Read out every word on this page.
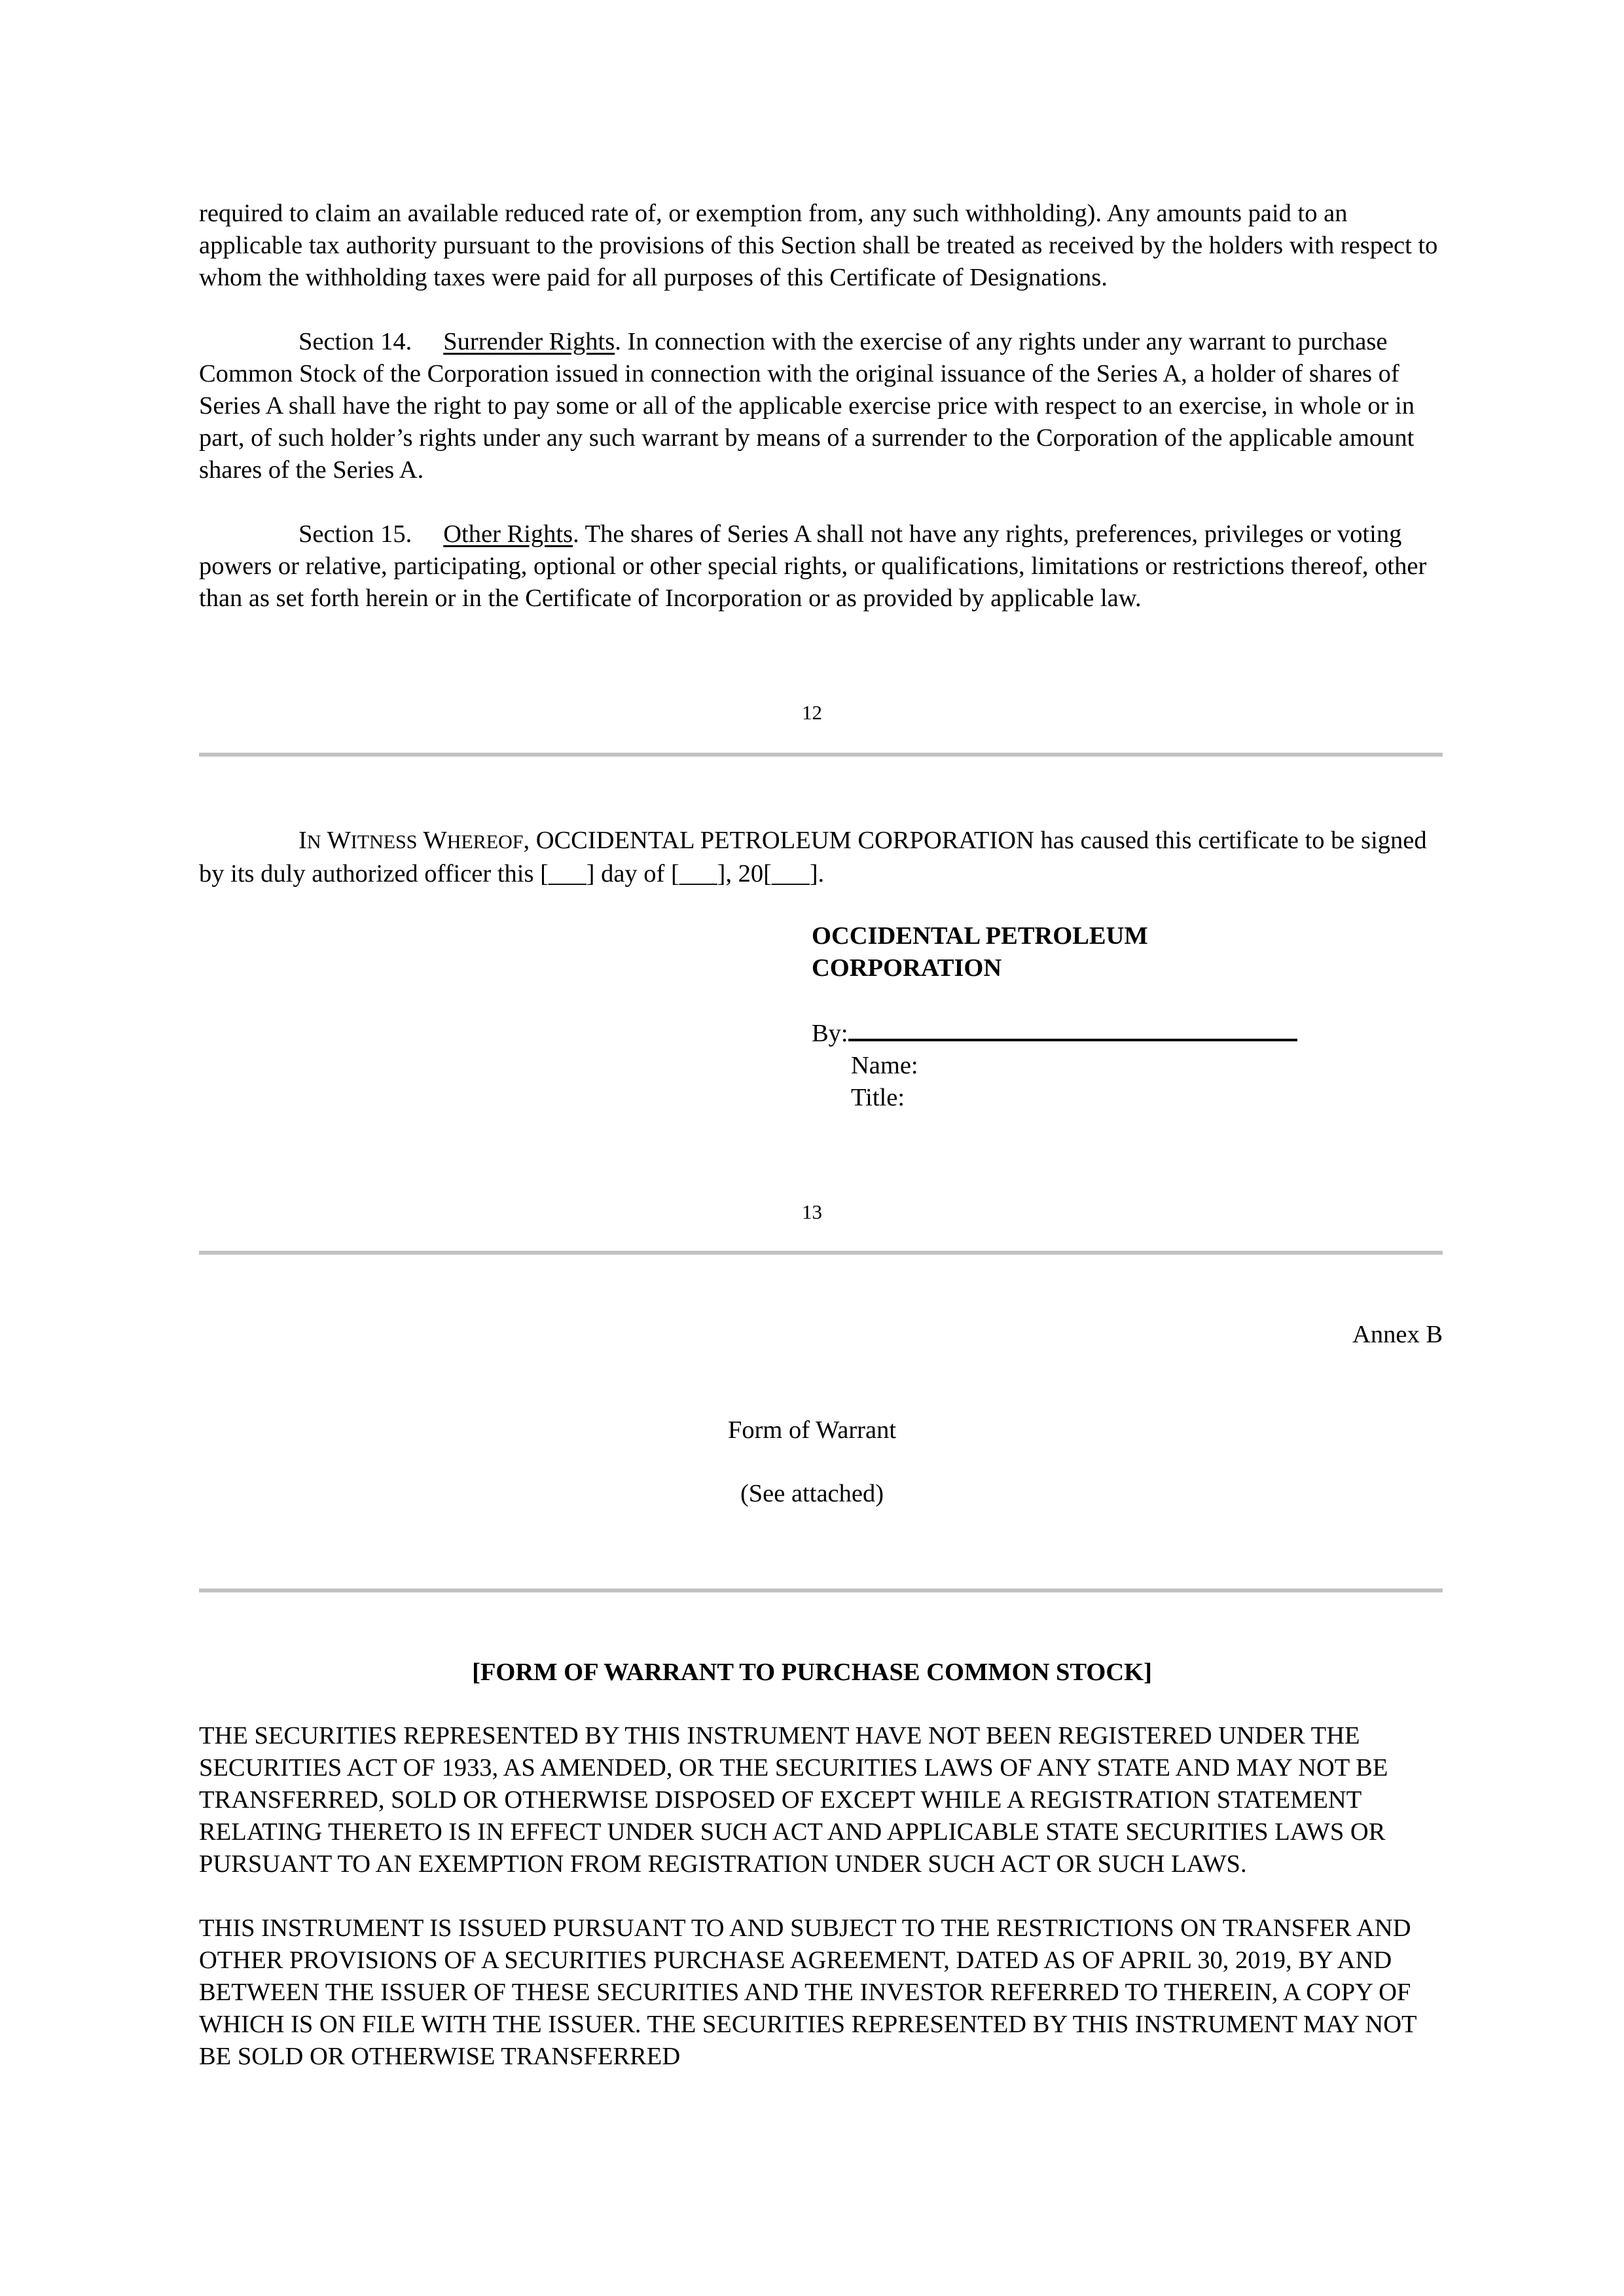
required to claim an available reduced rate of, or exemption from, any such withholding). Any amounts paid to an applicable tax authority pursuant to the provisions of this Section shall be treated as received by the holders with respect to whom the withholding taxes were paid for all purposes of this Certificate of Designations.

Section 14. Surrender Rights. In connection with the exercise of any rights under any warrant to purchase Common Stock of the Corporation issued in connection with the original issuance of the Series A, a holder of shares of Series A shall have the right to pay some or all of the applicable exercise price with respect to an exercise, in whole or in part, of such holder’s rights under any such warrant by means of a surrender to the Corporation of the applicable amount shares of the Series A.

Section 15. Other Rights. The shares of Series A shall not have any rights, preferences, privileges or voting powers or relative, participating, optional or other special rights, or qualifications, limitations or restrictions thereof, other than as set forth herein or in the Certificate of Incorporation or as provided by applicable law.

12

IN WITNESS WHEREOF, OCCIDENTAL PETROLEUM CORPORATION has caused this certificate to be signed by its duly authorized officer this [___] day of [___], 20[___].

OCCIDENTAL PETROLEUM
CORPORATION
By:
Name:
Title:
13
Annex B
Form of Warrant
(See attached)
[FORM OF WARRANT TO PURCHASE COMMON STOCK]

THE SECURITIES REPRESENTED BY THIS INSTRUMENT HAVE NOT BEEN REGISTERED UNDER THE SECURITIES ACT OF 1933, AS AMENDED, OR THE SECURITIES LAWS OF ANY STATE AND MAY NOT BE TRANSFERRED, SOLD OR OTHERWISE DISPOSED OF EXCEPT WHILE A REGISTRATION STATEMENT RELATING THERETO IS IN EFFECT UNDER SUCH ACT AND APPLICABLE STATE SECURITIES LAWS OR PURSUANT TO AN EXEMPTION FROM REGISTRATION UNDER SUCH ACT OR SUCH LAWS.

THIS INSTRUMENT IS ISSUED PURSUANT TO AND SUBJECT TO THE RESTRICTIONS ON TRANSFER AND OTHER PROVISIONS OF A SECURITIES PURCHASE AGREEMENT, DATED AS OF APRIL 30, 2019, BY AND BETWEEN THE ISSUER OF THESE SECURITIES AND THE INVESTOR REFERRED TO THEREIN, A COPY OF WHICH IS ON FILE WITH THE ISSUER. THE SECURITIES REPRESENTED BY THIS INSTRUMENT MAY NOT BE SOLD OR OTHERWISE TRANSFERRED
